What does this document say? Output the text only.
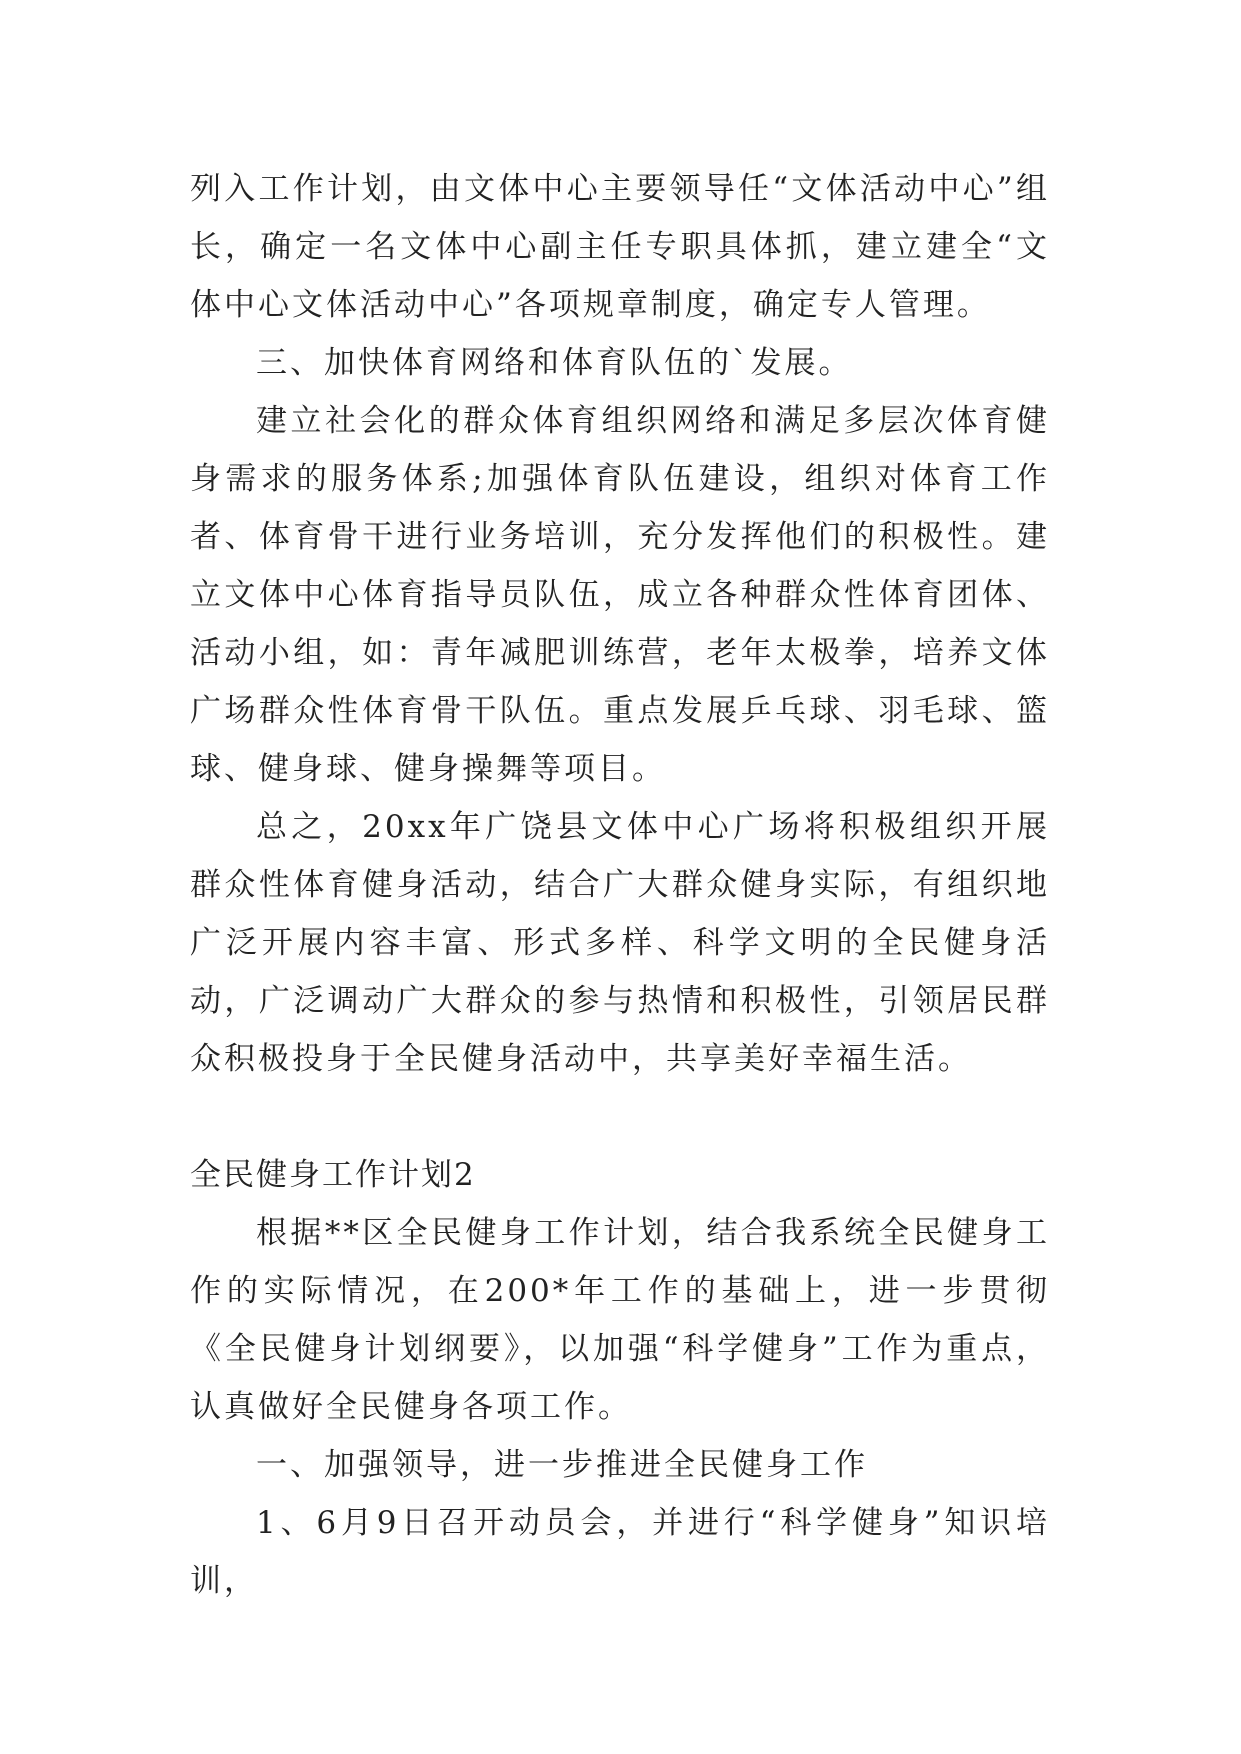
列入工作计划，由文体中心主要领导任“文体活动中心”组长，确定一名文体中心副主任专职具体抓，建立建全“文体中心文体活动中心”各项规章制度，确定专人管理。

三、加快体育网络和体育队伍的`发展。

建立社会化的群众体育组织网络和满足多层次体育健身需求的服务体系;加强体育队伍建设，组织对体育工作者、体育骨干进行业务培训，充分发挥他们的积极性。建立文体中心体育指导员队伍，成立各种群众性体育团体、活动小组，如：青年减肥训练营，老年太极拳，培养文体广场群众性体育骨干队伍。重点发展乒乓球、羽毛球、篮球、健身球、健身操舞等项目。

总之，20xx年广饶县文体中心广场将积极组织开展群众性体育健身活动，结合广大群众健身实际，有组织地广泛开展内容丰富、形式多样、科学文明的全民健身活动，广泛调动广大群众的参与热情和积极性，引领居民群众积极投身于全民健身活动中，共享美好幸福生活。

全民健身工作计划2

根据**区全民健身工作计划，结合我系统全民健身工作的实际情况，在200*年工作的基础上，进一步贯彻《全民健身计划纲要》，以加强“科学健身”工作为重点，认真做好全民健身各项工作。

一、加强领导，进一步推进全民健身工作

1、6月9日召开动员会，并进行“科学健身”知识培训，
